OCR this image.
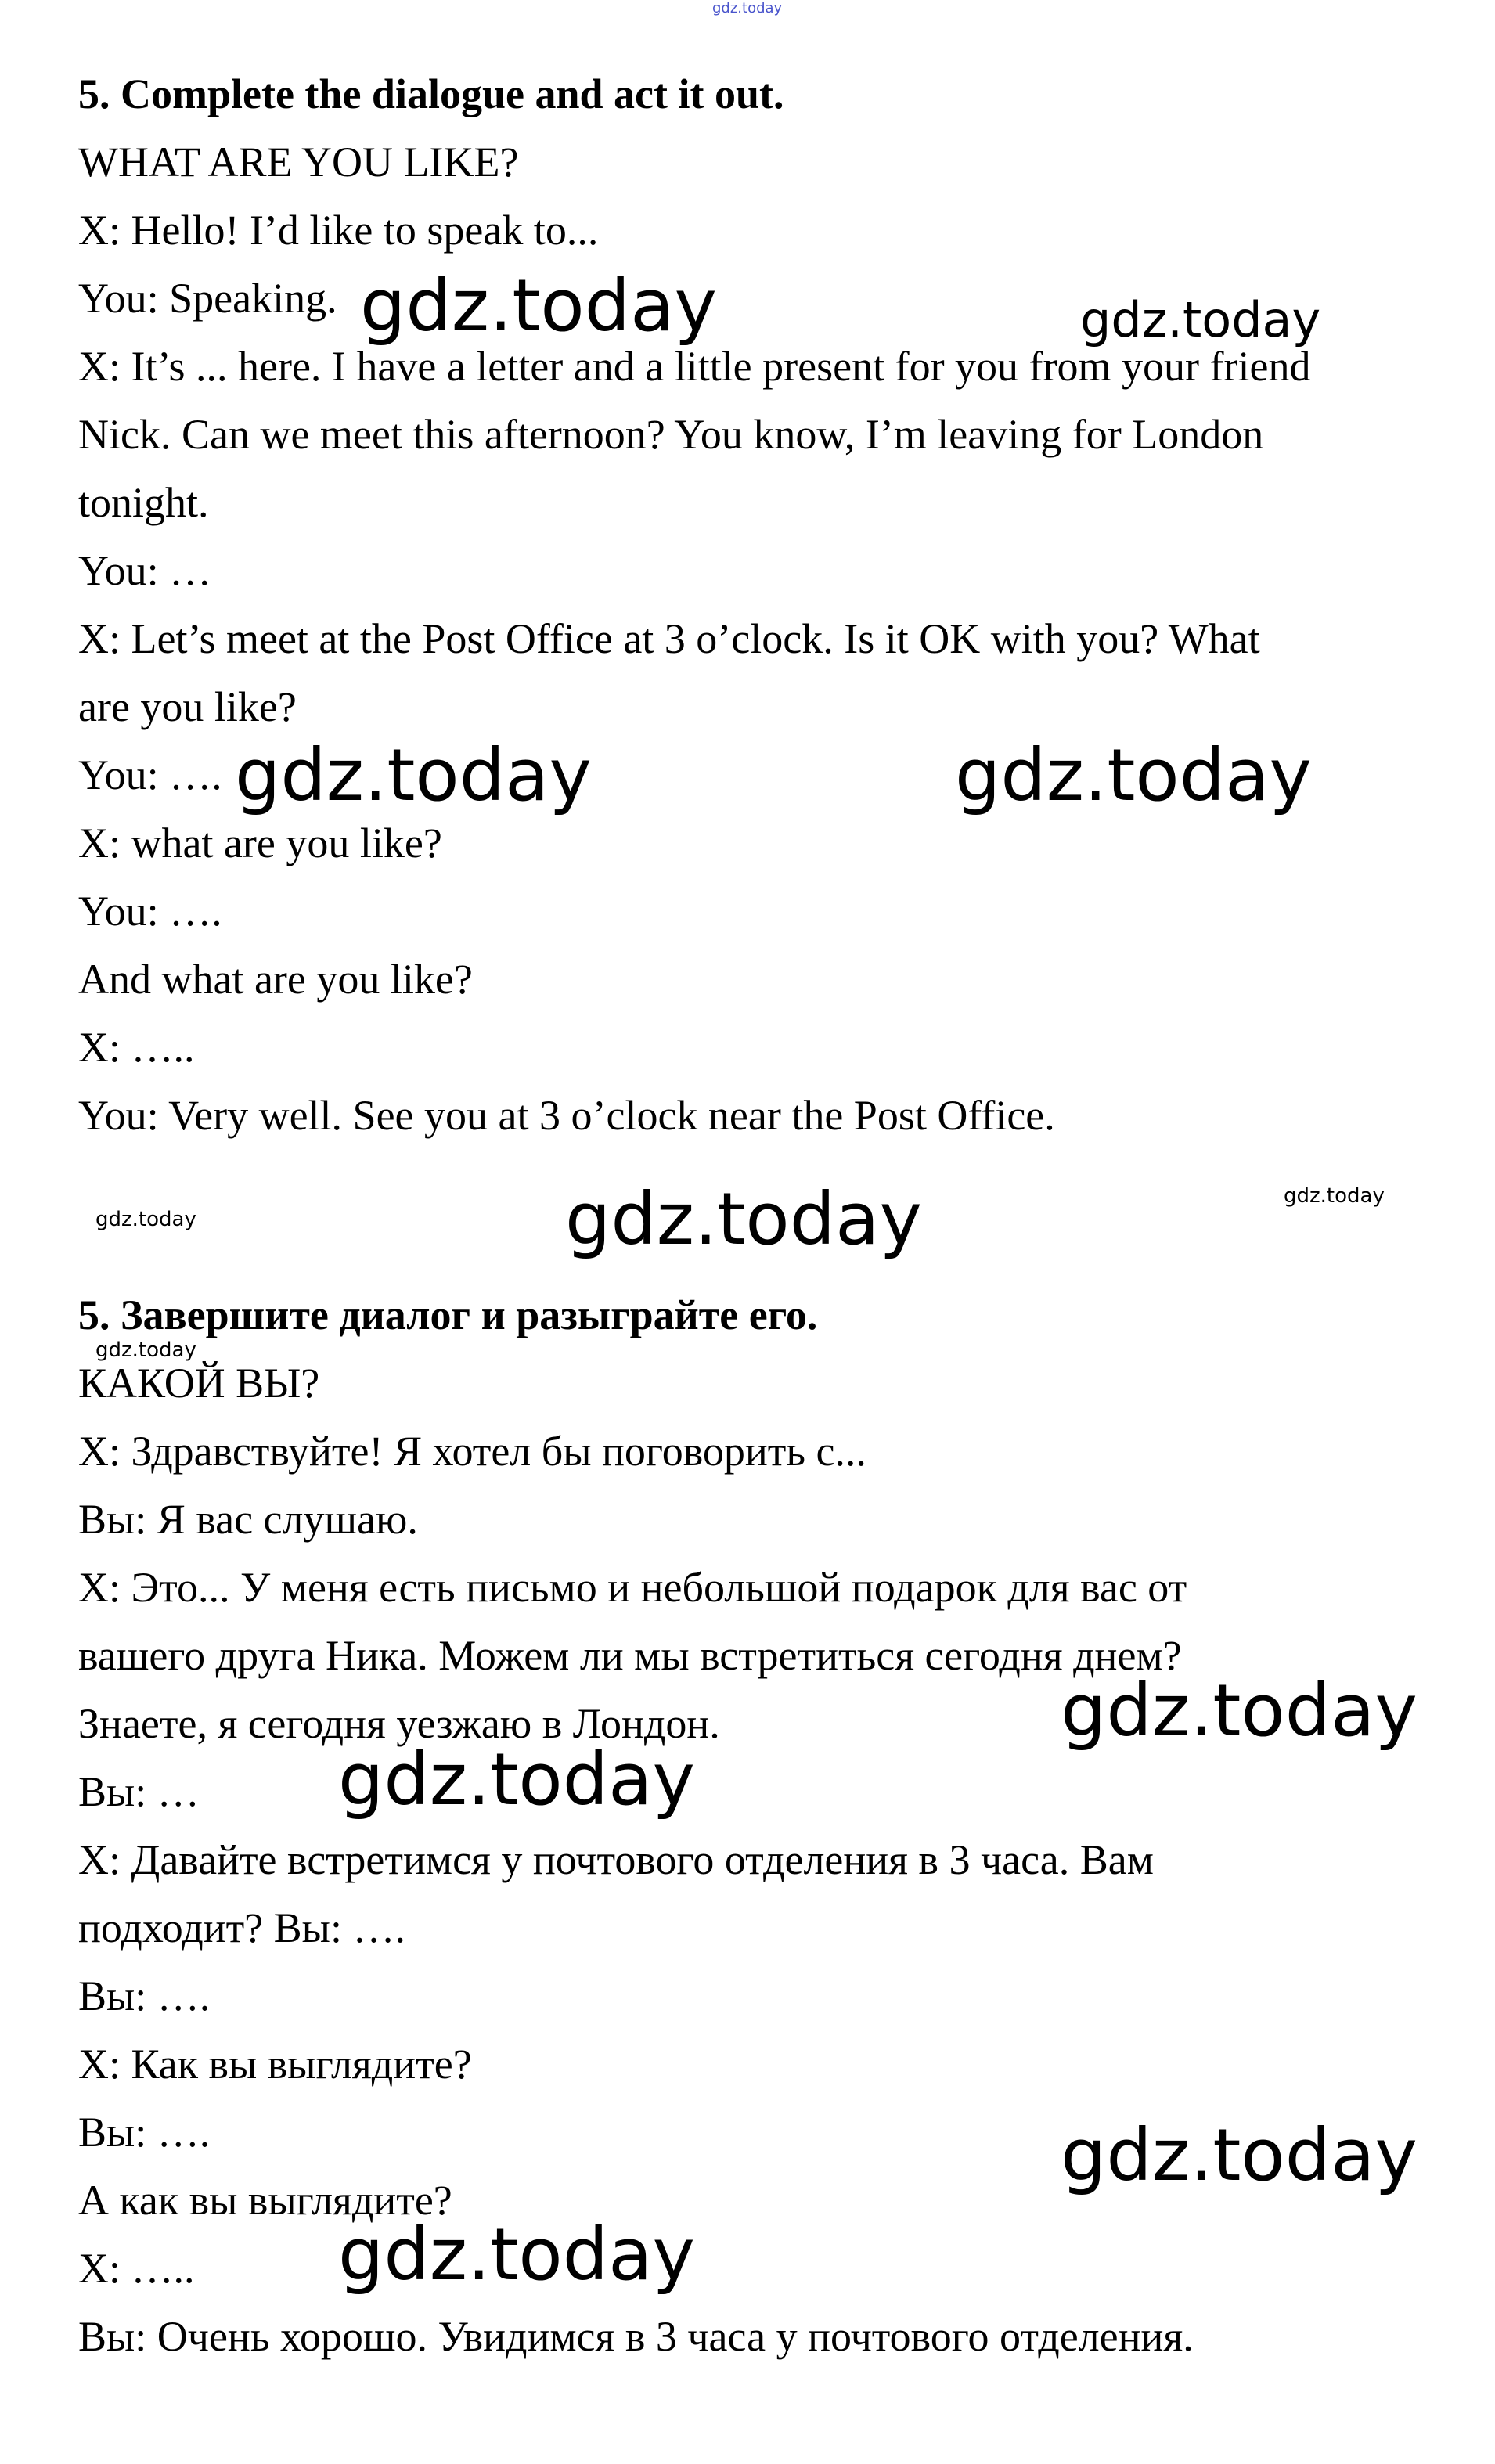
gdz.today
5. Complete the dialogue and act it out.
WHAT ARE YOU LIKE?
X: Hello! I’d like to speak to...
You: Speaking.
X: It’s ... here. I have a letter and a little present for you from your friend
Nick. Can we meet this afternoon? You know, I’m leaving for London
tonight.
You: …
X: Let’s meet at the Post Office at 3 o’clock. Is it OK with you? What
are you like?
You: ….
X: what are you like?
You: ….
And what are you like?
X: …..
You: Very well. See you at 3 o’clock near the Post Office.
gdz.today	gdz.today
gdz.today	gdz.today
gdz.today	gdz.today	gdz.today
5. Завершите диалог и разыграйте его.
gdz.today
КАКОЙ ВЫ?
X: Здравствуйте! Я хотел бы поговорить с...
Вы: Я вас слушаю.
X: Это... У меня есть письмо и небольшой подарок для вас от
вашего друга Ника. Можем ли мы встретиться сегодня днем?
Знаете, я сегодня уезжаю в Лондон.
Вы: …
X: Давайте встретимся у почтового отделения в 3 часа. Вам
подходит? Вы: ….
Вы: ….
X: Как вы выглядите?
Вы: ….
А как вы выглядите?
X: …..
Вы: Очень хорошо. Увидимся в 3 часа у почтового отделения.
gdz.today
gdz.today
gdz.today
gdz.today
